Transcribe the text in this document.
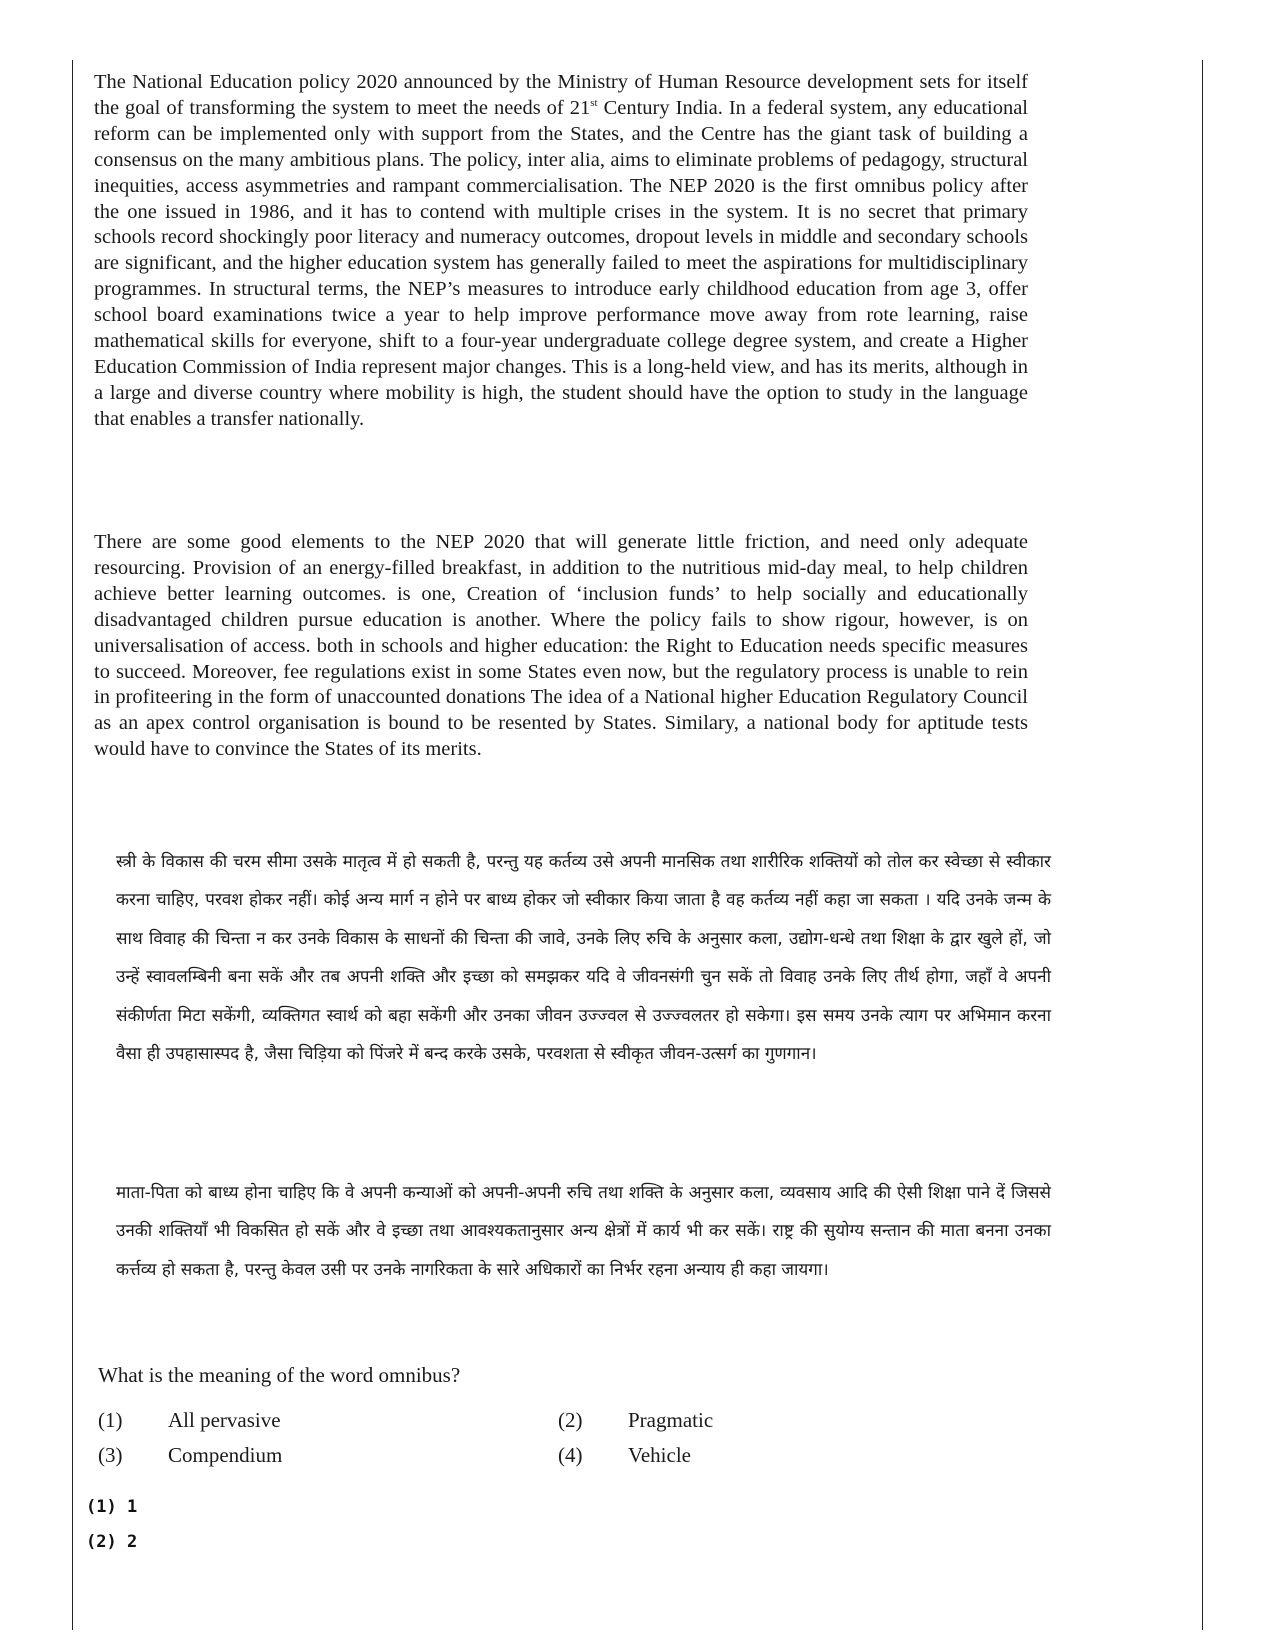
The National Education policy 2020 announced by the Ministry of Human Resource development sets for itself the goal of transforming the system to meet the needs of 21st Century India. In a federal system, any educational reform can be implemented only with support from the States, and the Centre has the giant task of building a consensus on the many ambitious plans. The policy, inter alia, aims to eliminate problems of pedagogy, structural inequities, access asymmetries and rampant commercialisation. The NEP 2020 is the first omnibus policy after the one issued in 1986, and it has to contend with multiple crises in the system. It is no secret that primary schools record shockingly poor literacy and numeracy outcomes, dropout levels in middle and secondary schools are significant, and the higher education system has generally failed to meet the aspirations for multidisciplinary programmes. In structural terms, the NEP’s measures to introduce early childhood education from age 3, offer school board examinations twice a year to help improve performance move away from rote learning, raise mathematical skills for everyone, shift to a four-year undergraduate college degree system, and create a Higher Education Commission of India represent major changes. This is a long-held view, and has its merits, although in a large and diverse country where mobility is high, the student should have the option to study in the language that enables a transfer nationally.

There are some good elements to the NEP 2020 that will generate little friction, and need only adequate resourcing. Provision of an energy-filled breakfast, in addition to the nutritious mid-day meal, to help children achieve better learning outcomes. is one, Creation of ‘inclusion funds’ to help socially and educationally disadvantaged children pursue education is another. Where the policy fails to show rigour, however, is on universalisation of access. both in schools and higher education: the Right to Education needs specific measures to succeed. Moreover, fee regulations exist in some States even now, but the regulatory process is unable to rein in profiteering in the form of unaccounted donations The idea of a National higher Education Regulatory Council as an apex control organisation is bound to be resented by States. Similary, a national body for aptitude tests would have to convince the States of its merits.

स्त्री के विकास की चरम सीमा उसके मातृत्व में हो सकती है, परन्तु यह कर्तव्य उसे अपनी मानसिक तथा शारीरिक शक्तियों को तोल कर स्वेच्छा से स्वीकार करना चाहिए, परवश होकर नहीं। कोई अन्य मार्ग न होने पर बाध्य होकर जो स्वीकार किया जाता है वह कर्तव्य नहीं कहा जा सकता । यदि उनके जन्म के साथ विवाह की चिन्ता न कर उनके विकास के साधनों की चिन्ता की जावे, उनके लिए रुचि के अनुसार कला, उद्योग-धन्धे तथा शिक्षा के द्वार खुले हों, जो उन्हें स्वावलम्बिनी बना सकें और तब अपनी शक्ति और इच्छा को समझकर यदि वे जीवनसंगी चुन सकें तो विवाह उनके लिए तीर्थ होगा, जहाँ वे अपनी संकीर्णता मिटा सकेंगी, व्यक्तिगत स्वार्थ को बहा सकेंगी और उनका जीवन उज्ज्वल से उज्ज्वलतर हो सकेगा। इस समय उनके त्याग पर अभिमान करना वैसा ही उपहासास्पद है, जैसा चिड़िया को पिंजरे में बन्द करके उसके, परवशता से स्वीकृत जीवन-उत्सर्ग का गुणगान।

माता-पिता को बाध्य होना चाहिए कि वे अपनी कन्याओं को अपनी-अपनी रुचि तथा शक्ति के अनुसार कला, व्यवसाय आदि की ऐसी शिक्षा पाने दें जिससे उनकी शक्तियाँ भी विकसित हो सकें और वे इच्छा तथा आवश्यकतानुसार अन्य क्षेत्रों में कार्य भी कर सकें। राष्ट्र की सुयोग्य सन्तान की माता बनना उनका कर्त्तव्य हो सकता है, परन्तु केवल उसी पर उनके नागरिकता के सारे अधिकारों का निर्भर रहना अन्याय ही कहा जायगा।

What is the meaning of the word omnibus?

(1)	All pervasive	(2)	Pragmatic
(3)	Compendium	(4)	Vehicle
(1) 1
(2) 2
